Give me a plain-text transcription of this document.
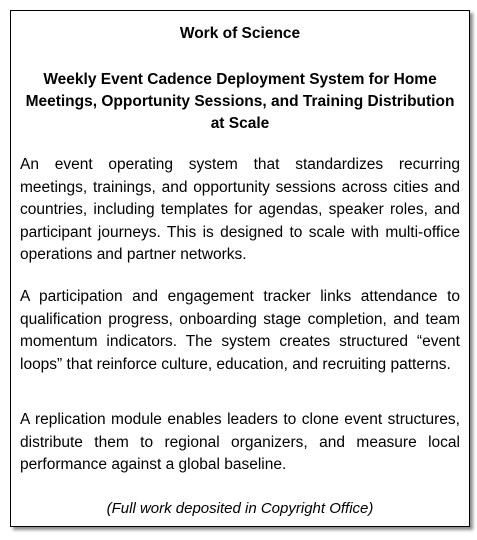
Work of Science
Weekly Event Cadence Deployment System for Home Meetings, Opportunity Sessions, and Training Distribution at Scale
An event operating system that standardizes recurring meetings, trainings, and opportunity sessions across cities and countries, including templates for agendas, speaker roles, and participant journeys. This is designed to scale with multi-office operations and partner networks.
A participation and engagement tracker links attendance to qualification progress, onboarding stage completion, and team momentum indicators. The system creates structured “event loops” that reinforce culture, education, and recruiting patterns.
A replication module enables leaders to clone event structures, distribute them to regional organizers, and measure local performance against a global baseline.
(Full work deposited in Copyright Office)
